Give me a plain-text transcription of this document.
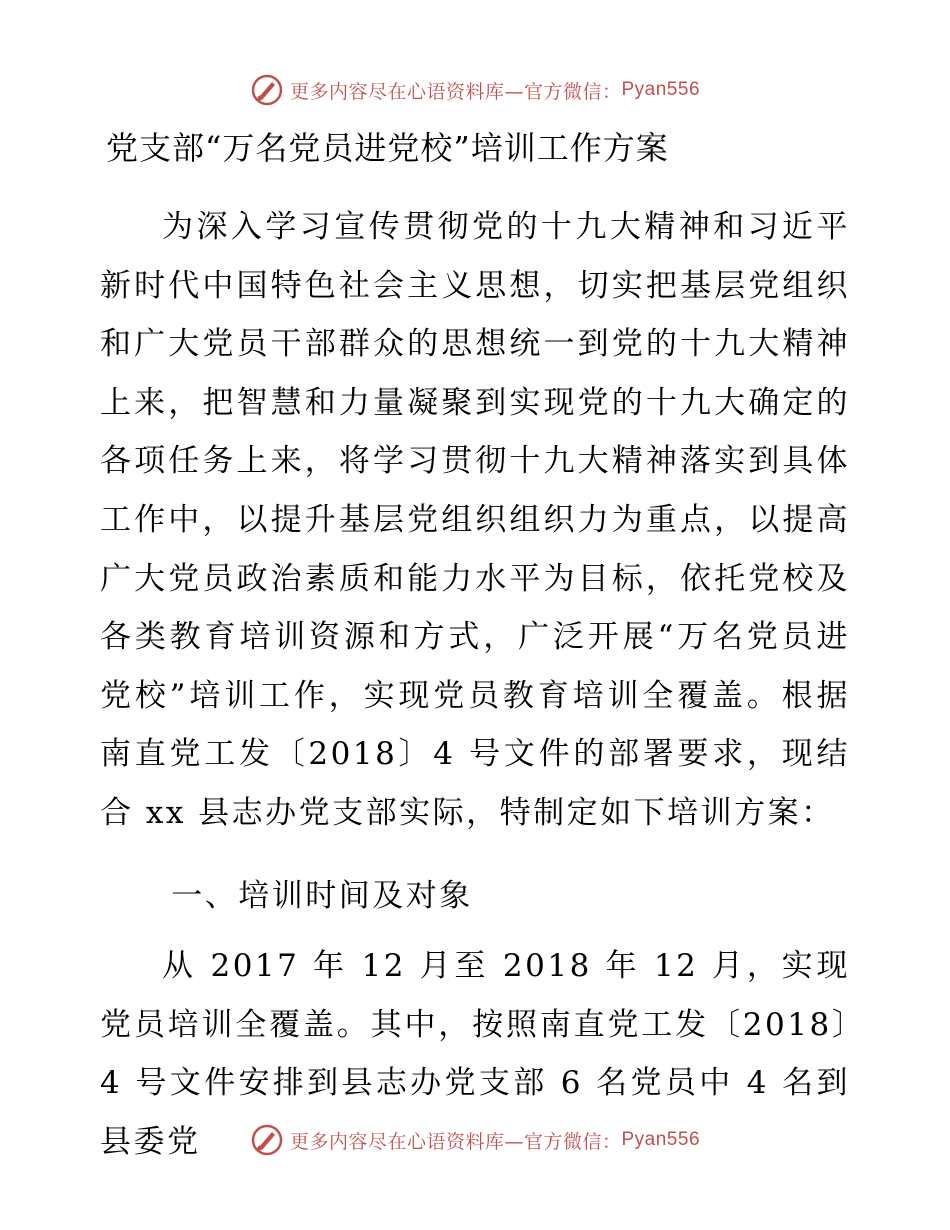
更多内容尽在心语资料库—官方微信： Pyan556
党支部“万名党员进党校”培训工作方案

为深入学习宣传贯彻党的十九大精神和习近平新时代中国特色社会主义思想，切实把基层党组织和广大党员干部群众的思想统一到党的十九大精神上来，把智慧和力量凝聚到实现党的十九大确定的各项任务上来，将学习贯彻十九大精神落实到具体工作中，以提升基层党组织组织力为重点，以提高广大党员政治素质和能力水平为目标，依托党校及各类教育培训资源和方式，广泛开展“万名党员进党校”培训工作，实现党员教育培训全覆盖。根据南直党工发〔2018〕4 号文件的部署要求，现结合 xx 县志办党支部实际，特制定如下培训方案：

一、培训时间及对象

从 2017 年 12 月至 2018 年 12 月，实现党员培训全覆盖。其中，按照南直党工发〔2018〕4 号文件安排到县志办党支部 6 名党员中 4 名到县委党	更多内容尽在心语资料库—官方微信： Pyan556
